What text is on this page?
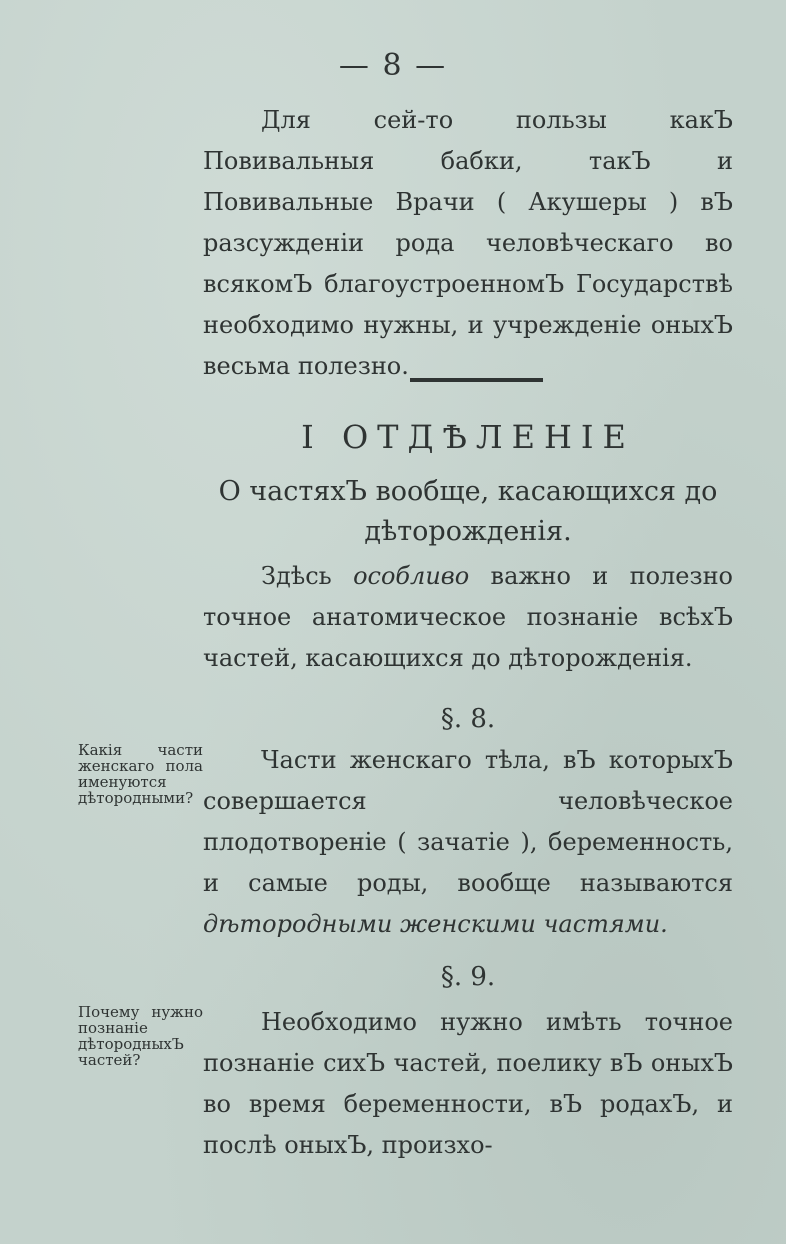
— 8 —

Для сей-то пользы какЪ Повивальныя бабки, такЪ и Повивальные Врачи ( Акушеры ) вЪ разсужденіи рода человѣческаго во всякомЪ благоустроенномЪ Государствѣ необходимо нужны, и учрежденіе оныхЪ весьма полезно.

I ОТДѢЛЕНІЕ
О частяхЪ вообще, касающихся до дѣторожденія.

Здѣсь особливо важно и полезно точное анатомическое познаніе всѣхЪ частей, касающихся до дѣторожденія.

§. 8.
Какія части женскаго пола именуются дѣтородными?

Части женскаго тѣла, вЪ которыхЪ совершается человѣческое плодотвореніе ( зачатіе ), беременность, и самые роды, вообще называются дѣтородными женскими частями.

§. 9.
Почему нужно познаніе дѣтородныхЪ частей?

Необходимо нужно имѣть точное познаніе сихЪ частей, поелику вЪ оныхЪ во время беременности, вЪ родахЪ, и послѣ оныхЪ, произхо-
